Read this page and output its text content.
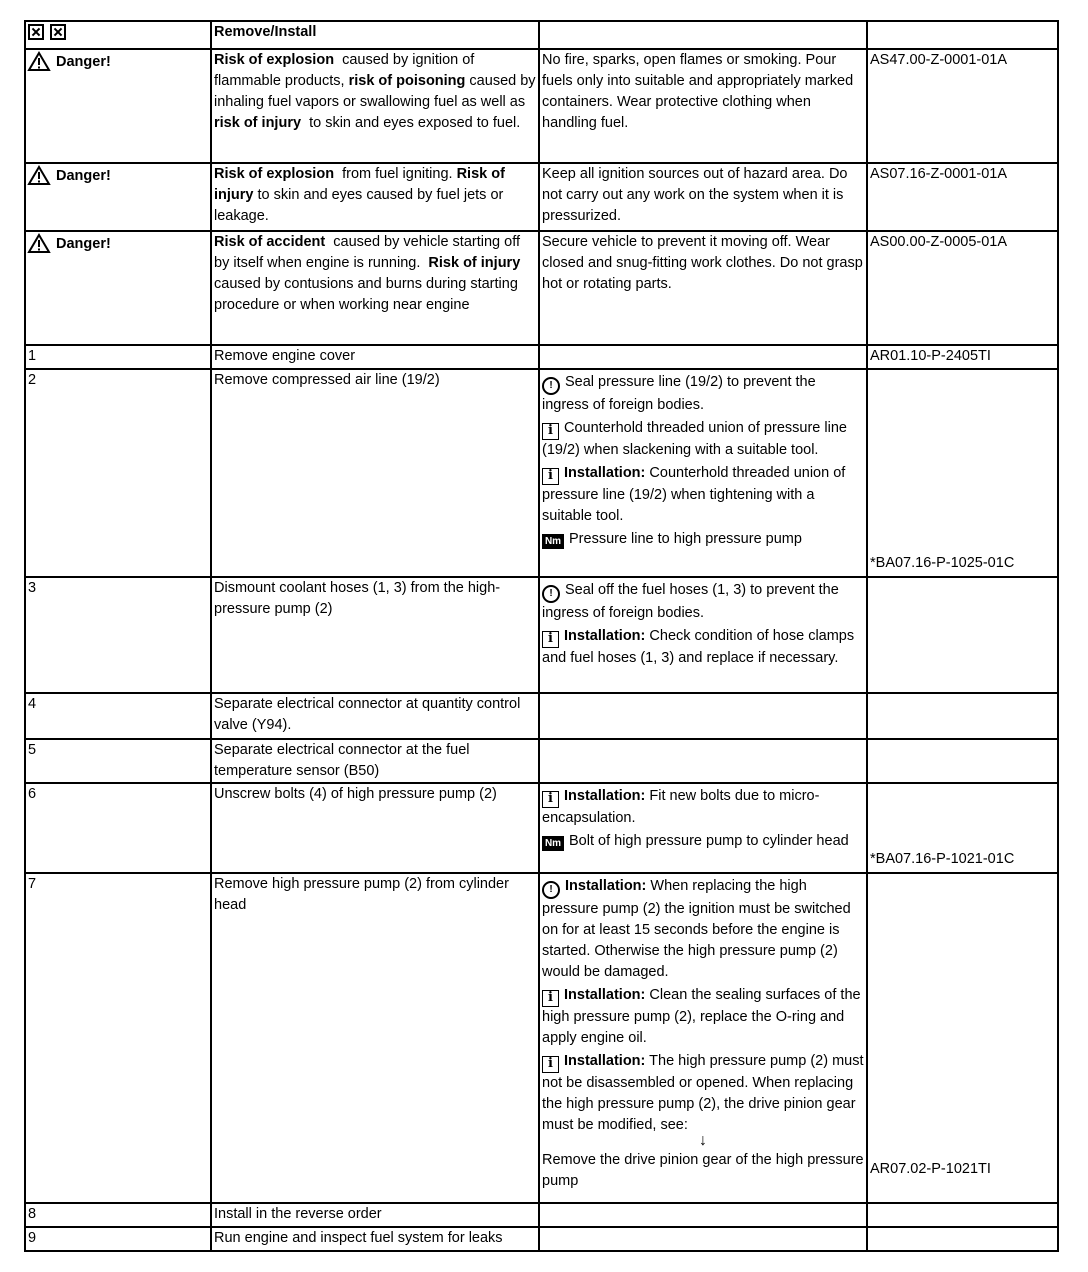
	Remove/Install		

Danger!	Risk of explosion  caused by ignition of flammable products, risk of poisoning caused by inhaling fuel vapors or swallowing fuel as well as risk of injury  to skin and eyes exposed to fuel.	No fire, sparks, open flames or smoking. Pour fuels only into suitable and appropriately marked containers. Wear protective clothing when handling fuel.	AS47.00-Z-0001-01A

Danger!	Risk of explosion  from fuel igniting. Risk of injury to skin and eyes caused by fuel jets or leakage.	Keep all ignition sources out of hazard area. Do not carry out any work on the system when it is pressurized.	AS07.16-Z-0001-01A

Danger!	Risk of accident  caused by vehicle starting off by itself when engine is running.  Risk of injury caused by contusions and burns during starting procedure or when working near engine	Secure vehicle to prevent it moving off. Wear closed and snug-fitting work clothes. Do not grasp hot or rotating parts.	AS00.00-Z-0005-01A
1	Remove engine cover		AR01.10-P-2405TI
2	Remove compressed air line (19/2)	! Seal pressure line (19/2) to prevent the ingress of foreign bodies.
i Counterhold threaded union of pressure line (19/2) when slackening with a suitable tool.
i Installation: Counterhold threaded union of pressure line (19/2) when tightening with a suitable tool.
Nm Pressure line to high pressure pump	*BA07.16-P-1025-01C
3	Dismount coolant hoses (1, 3) from the high-pressure pump (2)	! Seal off the fuel hoses (1, 3) to prevent the ingress of foreign bodies.
i Installation: Check condition of hose clamps and fuel hoses (1, 3) and replace if necessary.	

4	Separate electrical connector at quantity control valve (Y94).		
5	Separate electrical connector at the fuel temperature sensor (B50)		
6	Unscrew bolts (4) of high pressure pump (2)	i Installation: Fit new bolts due to micro-encapsulation.
Nm Bolt of high pressure pump to cylinder head	*BA07.16-P-1021-01C
7	Remove high pressure pump (2) from cylinder head	! Installation: When replacing the high pressure pump (2) the ignition must be switched on for at least 15 seconds before the engine is started. Otherwise the high pressure pump (2) would be damaged.
i Installation: Clean the sealing surfaces of the high pressure pump (2), replace the O-ring and apply engine oil.
i Installation: The high pressure pump (2) must not be disassembled or opened. When replacing the high pressure pump (2), the drive pinion gear must be modified, see:
↓
Remove the drive pinion gear of the high pressure pump	AR07.02-P-1021TI
8	Install in the reverse order		
9	Run engine and inspect fuel system for leaks		
